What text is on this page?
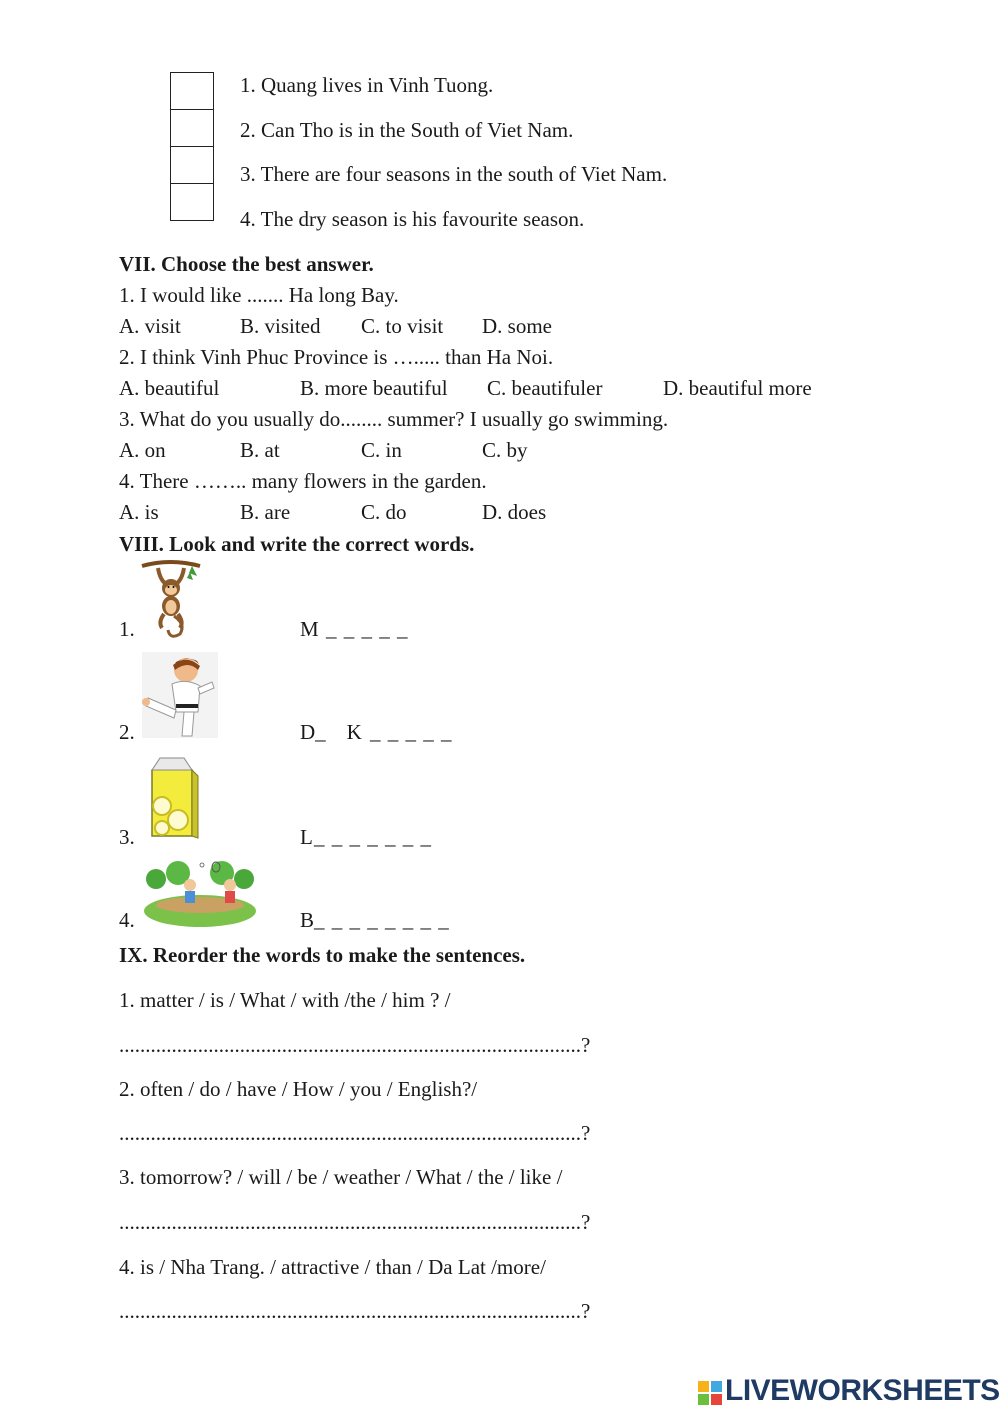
1. Quang lives in Vinh Tuong.
2. Can Tho is in the South of Viet Nam.
3. There are four seasons in the south of Viet Nam.
4. The dry season is his favourite season.
VII. Choose the best answer.
1. I would like ....... Ha long Bay.
A. visit	B. visited C. to visit D. some
2. I think Vinh Phuc Province is …..... than Ha Noi.
A. beautiful	B. more beautiful C. beautifuler	D. beautiful more
3. What do you usually do........ summer? I usually go swimming.
A. on	B. at	C. in	C. by
4. There …….. many flowers in the garden.
A. is	B. are	C. do	D. does
VIII. Look and write the correct words.
1.	M _ _ _ _ _
2.	D_    K _ _ _ _ _
3.	L _ _ _ _ _ _ _
4.	B _ _ _ _ _ _ _ _
IX. Reorder the words to make the sentences.
1. matter / is / What / with /the / him ? /
........................................................................................?
2. often / do / have / How / you / English?/
........................................................................................?
3. tomorrow? / will / be / weather / What / the / like /
........................................................................................?
4. is / Nha Trang. / attractive / than / Da Lat /more/
........................................................................................?
LIVEWORKSHEETS
